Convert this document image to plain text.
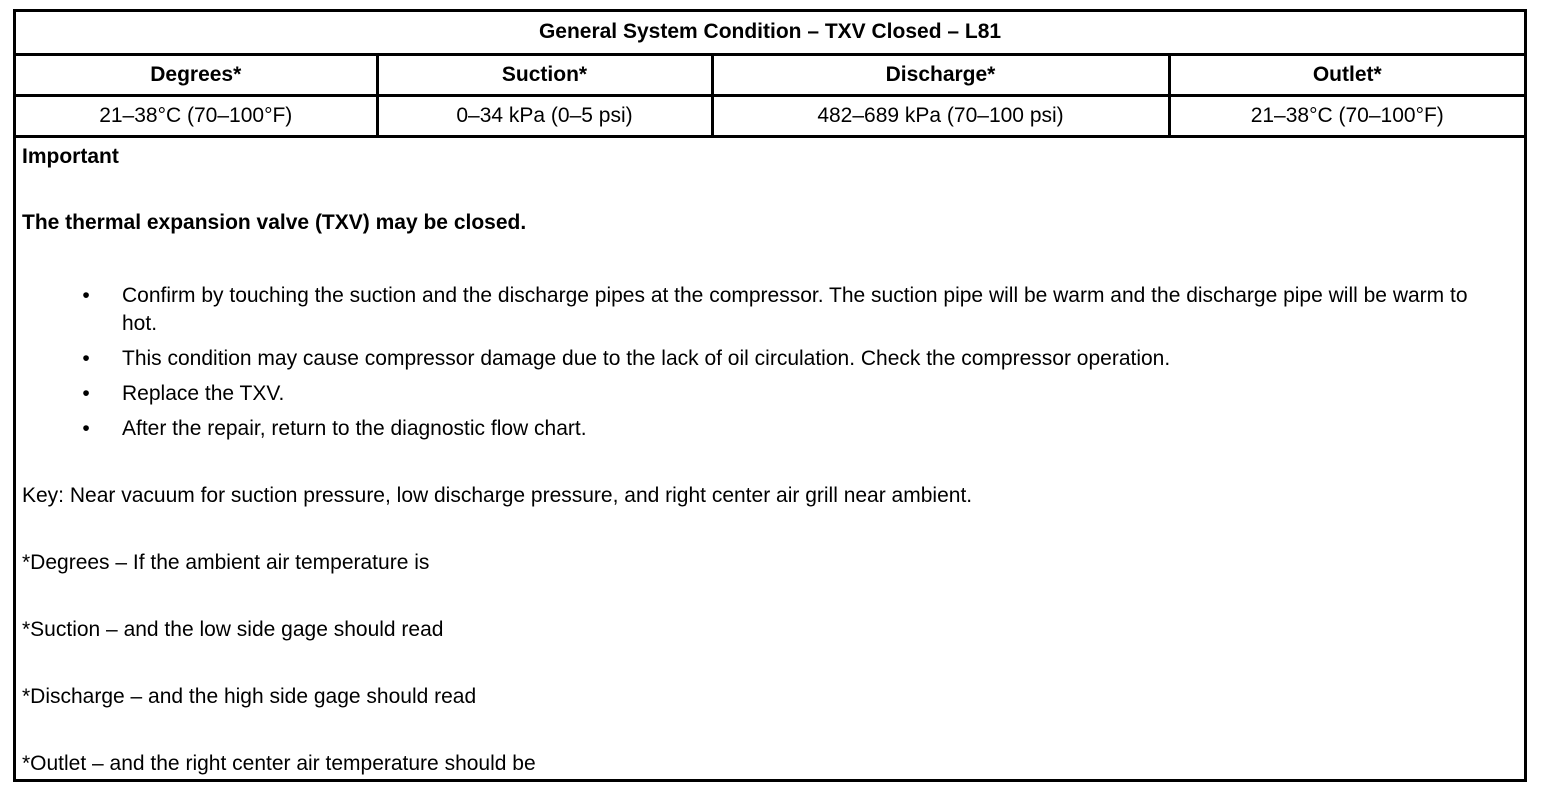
General System Condition – TXV Closed – L81			
Degrees*	Suction*	Discharge*	Outlet*
21–38°C (70–100°F)	0–34 kPa (0–5 psi)	482–689 kPa (70–100 psi)	21–38°C (70–100°F)

Important

The thermal expansion valve (TXV) may be closed.

•	Confirm by touching the suction and the discharge pipes at the compressor. The suction pipe will be warm and the discharge pipe will be warm to hot.
•	This condition may cause compressor damage due to the lack of oil circulation. Check the compressor operation.
•	Replace the TXV.
•	After the repair, return to the diagnostic flow chart.

Key: Near vacuum for suction pressure, low discharge pressure, and right center air grill near ambient.

*Degrees – If the ambient air temperature is

*Suction – and the low side gage should read

*Discharge – and the high side gage should read

*Outlet – and the right center air temperature should be
